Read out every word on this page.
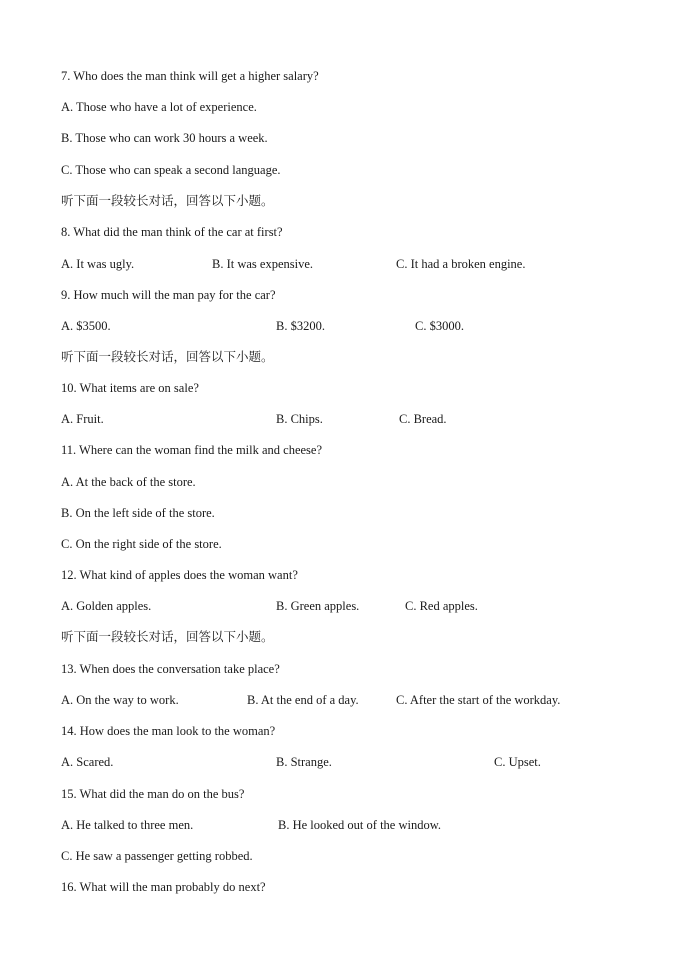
7. Who does the man think will get a higher salary?
A. Those who have a lot of experience.
B. Those who can work 30 hours a week.
C. Those who can speak a second language.
听下面一段较长对话，回答以下小题。
8. What did the man think of the car at first?
A. It was ugly.	B. It was expensive.	C. It had a broken engine.
9. How much will the man pay for the car?
A. $3500.	B. $3200.	C. $3000.
听下面一段较长对话，回答以下小题。
10. What items are on sale?
A. Fruit.	B. Chips.	C. Bread.
11. Where can the woman find the milk and cheese?
A. At the back of the store.
B. On the left side of the store.
C. On the right side of the store.
12. What kind of apples does the woman want?
A. Golden apples.	B. Green apples.	C. Red apples.
听下面一段较长对话，回答以下小题。
13. When does the conversation take place?
A. On the way to work.	B. At the end of a day.	C. After the start of the workday.
14. How does the man look to the woman?
A. Scared.	B. Strange.	C. Upset.
15. What did the man do on the bus?
A. He talked to three men.	B. He looked out of the window.
C. He saw a passenger getting robbed.
16. What will the man probably do next?
